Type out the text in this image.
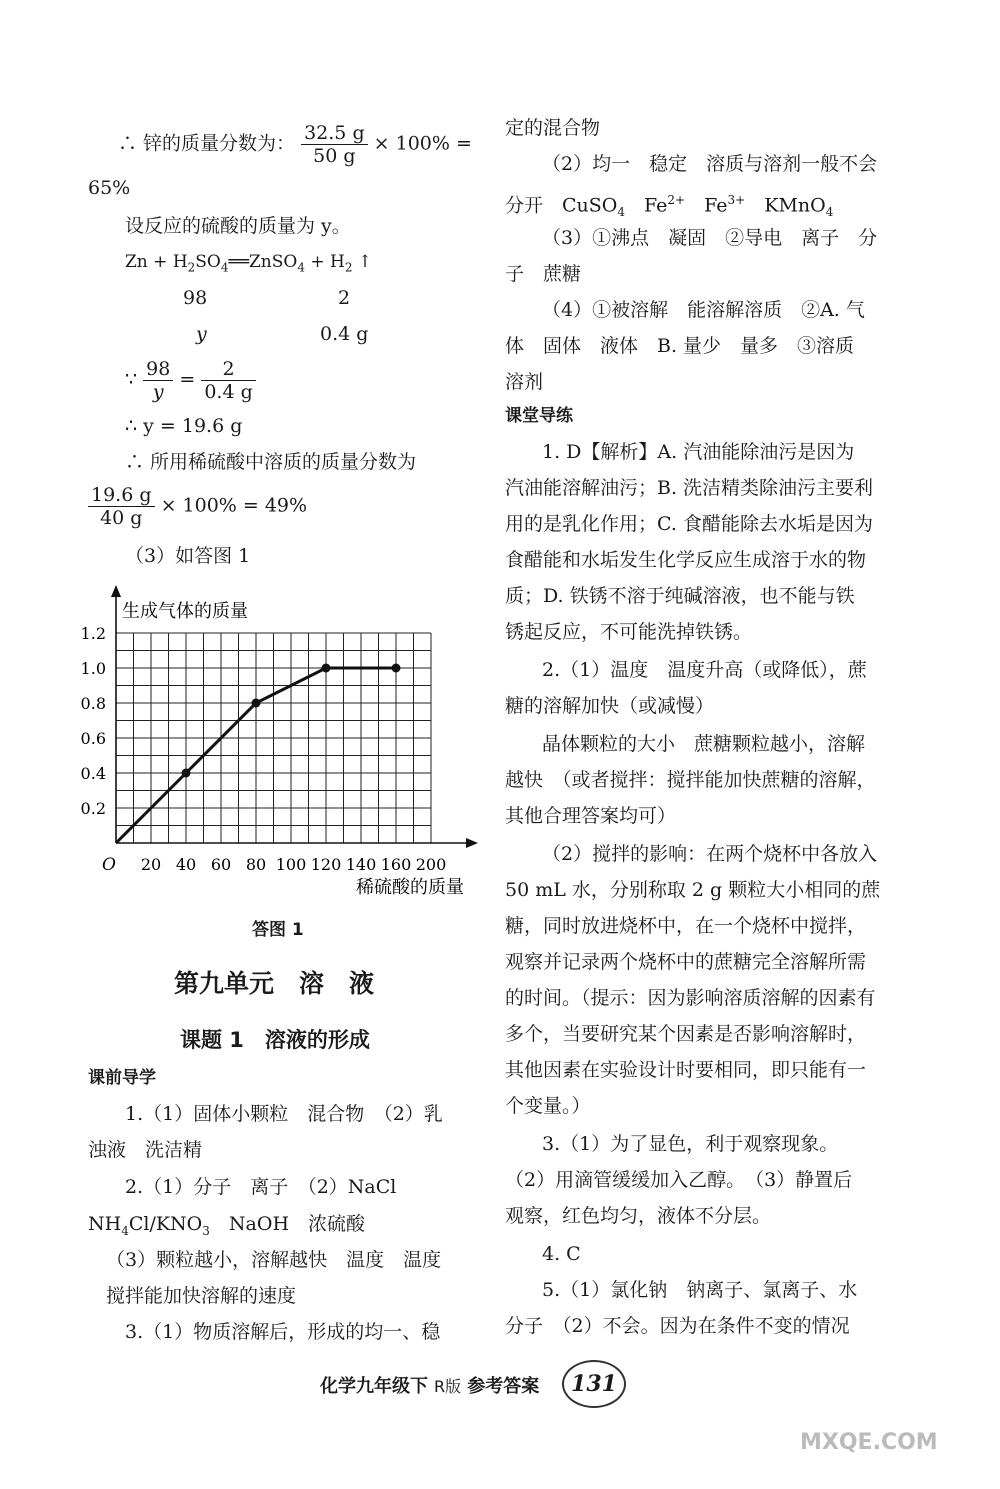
∴ 锌的质量分数为： $\frac{32.5 g}{50 g} \times 100\%$ =
65%
设反应的硫酸的质量为 y。
$Zn + H_2SO_4══ZnSO_4 + H_2$ ↑
98	2
y	0.4 g
∵ $\frac{98}{y} = \frac{2}{0.4 g}$
∴ y = 19.6 g
∴ 所用稀硫酸中溶质的质量分数为
$\frac{19.6 g}{40 g} \times 100\% = 49\%$
（3）如答图 1
20 40 60 80 100 120 140 160 200
0.2
0.4
0.6
0.8
1.0
1.2
生成气体的质量
稀硫酸的质量
O
答图 1
第九单元　溶　液
课题 1　溶液的形成
课前导学
1.（1）固体小颗粒　混合物　（2）乳
浊液　洗洁精
2.（1）分子　离子　（2）NaCl
$NH_4Cl/KNO_3$　 NaOH　浓硫酸
（3）颗粒越小，溶解越快　温度　温度
搅拌能加快溶解的速度
3.（1）物质溶解后，形成的均一、稳
定的混合物
（2）均一　稳定　溶质与溶剂一般不会
分开　CuSO$_4$　 $Fe^{2+}$　 $Fe^{3+}$　 KMnO$_4$
（3）①沸点　凝固　②导电　离子　分
子　蔗糖
（4）①被溶解　能溶解溶质　②A. 气
体　固体　液体　B. 量少　量多　③溶质
溶剂
课堂导练
1. D【解析】A. 汽油能除油污是因为
汽油能溶解油污；B. 洗洁精类除油污主要利
用的是乳化作用；C. 食醋能除去水垢是因为
食醋能和水垢发生化学反应生成溶于水的物
质；D. 铁锈不溶于纯碱溶液，也不能与铁
锈起反应，不可能洗掉铁锈。
2.（1）温度　温度升高（或降低），蔗
糖的溶解加快（或减慢）
晶体颗粒的大小　蔗糖颗粒越小，溶解
越快　（或者搅拌：搅拌能加快蔗糖的溶解，
其他合理答案均可）
（2）搅拌的影响：在两个烧杯中各放入
50 mL 水，分别称取 2 g 颗粒大小相同的蔗
糖，同时放进烧杯中，在一个烧杯中搅拌，
观察并记录两个烧杯中的蔗糖完全溶解所需
的时间。（提示：因为影响溶质溶解的因素有
多个，当要研究某个因素是否影响溶解时，
其他因素在实验设计时要相同，即只能有一
个变量。）
3.（1）为了显色，利于观察现象。
（2）用滴管缓缓加入乙醇。　（3）静置后
观察，红色均匀，液体不分层。
4. C
5.（1）氯化钠　钠离子、氯离子、水
分子　（2）不会。因为在条件不变的情况
化学九年级下 R版 参考答案	131
MXQE.COM
